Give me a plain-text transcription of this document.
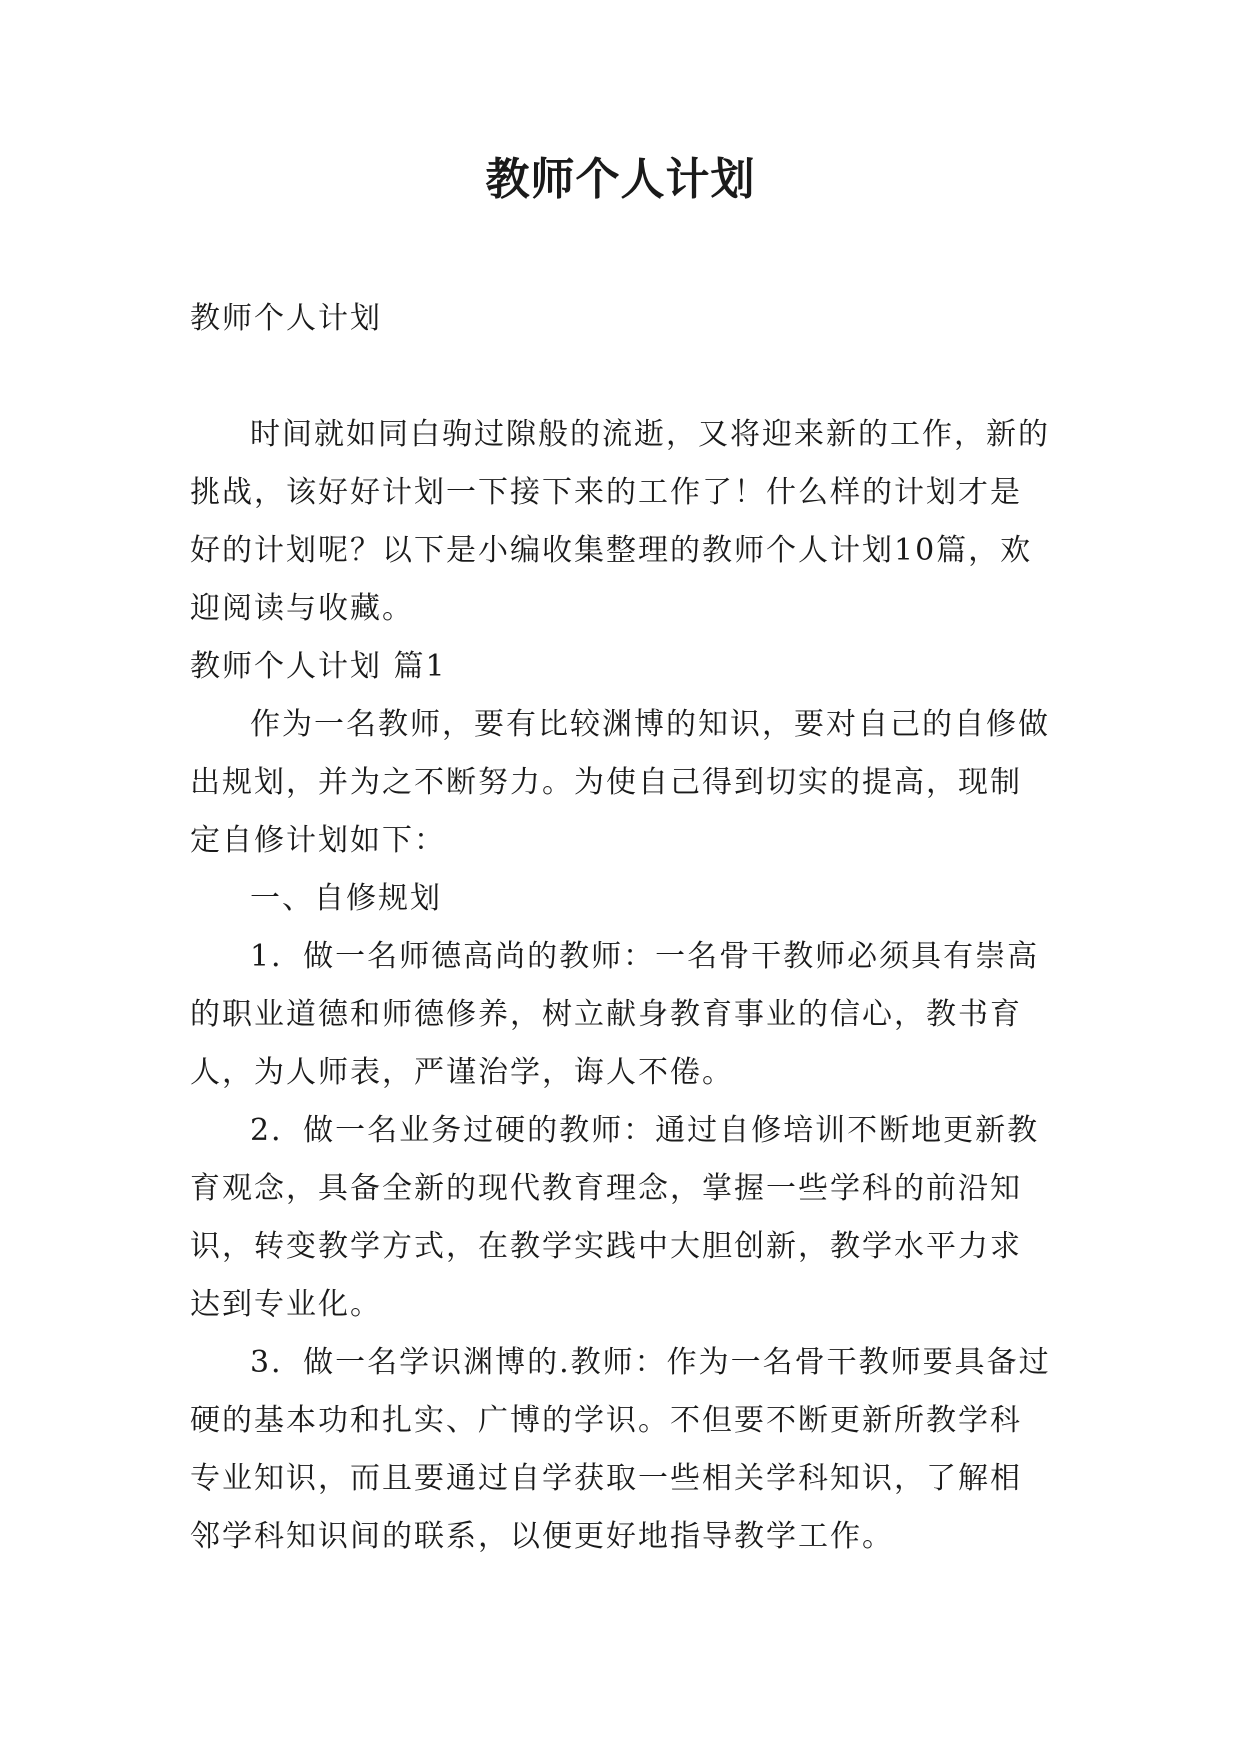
教师个人计划

教师个人计划

时间就如同白驹过隙般的流逝，又将迎来新的工作，新的挑战，该好好计划一下接下来的工作了！什么样的计划才是好的计划呢？以下是小编收集整理的教师个人计划10篇，欢迎阅读与收藏。

教师个人计划 篇1

作为一名教师，要有比较渊博的知识，要对自己的自修做出规划，并为之不断努力。为使自己得到切实的提高，现制定自修计划如下：

一、自修规划

1．做一名师德高尚的教师：一名骨干教师必须具有崇高的职业道德和师德修养，树立献身教育事业的信心，教书育人，为人师表，严谨治学，诲人不倦。

2．做一名业务过硬的教师：通过自修培训不断地更新教育观念，具备全新的现代教育理念，掌握一些学科的前沿知识，转变教学方式，在教学实践中大胆创新，教学水平力求达到专业化。

3．做一名学识渊博的.教师：作为一名骨干教师要具备过硬的基本功和扎实、广博的学识。不但要不断更新所教学科专业知识，而且要通过自学获取一些相关学科知识，了解相邻学科知识间的联系，以便更好地指导教学工作。
